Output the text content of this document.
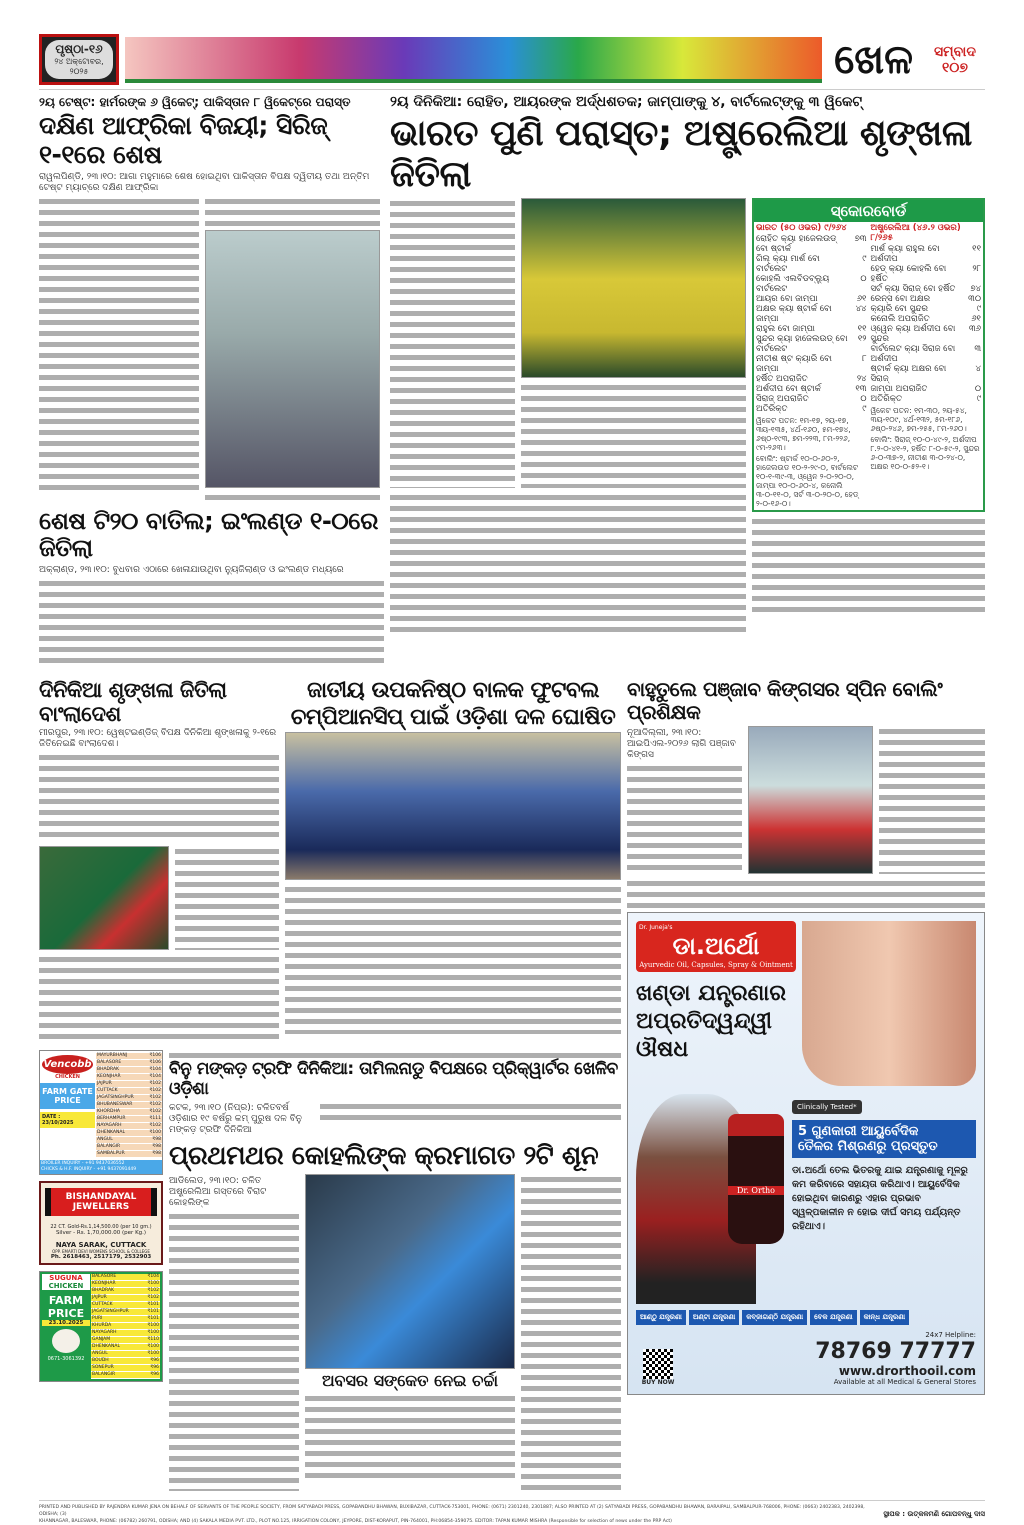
ପୃଷ୍ଠା-୧୬
୨୪ ଅକ୍ଟୋବର, ୨୦୨୫	ଖେଳ	ସମ୍ବାଦ ୧୦୭
୨ୟ ଟେଷ୍ଟ: ହାର୍ମରଙ୍କ ୬ ୱିକେଟ୍; ପାକିସ୍ତାନ ୮ ୱିକେଟ୍‌ରେ ପରାସ୍ତ
ଦକ୍ଷିଣ ଆଫ୍ରିକା ବିଜୟୀ; ସିରିଜ୍ ୧-୧ରେ ଶେଷ
ରାୱଲପିଣ୍ଡି, ୨୩।୧୦: ଆଗା ମହୁମାରେ ଶେଷ ହୋଇଥିବା ପାକିସ୍ତାନ ବିପକ୍ଷ ଦ୍ୱିତୀୟ ତଥା ଅନ୍ତିମ ଟେଷ୍ଟ ମ୍ୟାଚ୍‌ରେ ଦକ୍ଷିଣ ଆଫ୍ରିକା
ଶେଷ ଟି୨୦ ବାତିଲ; ଇଂଲଣ୍ଡ ୧-୦ରେ ଜିତିଲା
ଅକ୍‌ଲାଣ୍ଡ, ୨୩।୧୦: ବୁଧବାର ଏଠାରେ ଖେଳାଯାଉଥିବା ନ୍ୟୁଜିଲାଣ୍ଡ ଓ ଇଂଲଣ୍ଡ ମଧ୍ୟରେ
୨ୟ ଦିନିକିଆ: ରୋହିତ, ଆୟରଙ୍କ ଅର୍ଦ୍ଧଶତକ; ଜାମ୍ପାଙ୍କୁ ୪, ବାର୍ଟଲେଟ୍‌ଙ୍କୁ ୩ ୱିକେଟ୍
ଭାରତ ପୁଣି ପରାସ୍ତ; ଅଷ୍ଟ୍ରେଲିଆ ଶୃଙ୍ଖଳା ଜିତିଲା
ସ୍କୋରବୋର୍ଡ
ଭାରତ (୫୦ ଓଭର) ୯/୨୬୪
ରୋହିତ କ୍ୟା ହାଜେଲଉଡ୍ ବୋ ଷ୍ଟାର୍କ	୭୩
ଗିଲ୍ କ୍ୟା ମାର୍ଶ ବୋ ବାର୍ଟଲେଟ	୯
କୋହଲି ଏଲବିଡବ୍ଲ୍ୟୁ ବାର୍ଟଲେଟ	୦
ଆୟର ବୋ ଜାମ୍ପା	୬୧
ଅକ୍ଷର କ୍ୟା ଷ୍ଟାର୍କ ବୋ ଜାମ୍ପା	୪୪
ରାହୁଲ ବୋ ଜାମ୍ପା	୧୧
ସୁନ୍ଦର କ୍ୟା ହାଜେଲଉଡ୍ ବୋ ବାର୍ଟଲେଟ	୧୨
ନୀତୀଶ ଷ୍ଟ କ୍ୟାରି ବୋ ଜାମ୍ପା	୮
ହର୍ଷିତ ଅପରାଜିତ	୨୪
ଅର୍ଶଦୀପ ବୋ ଷ୍ଟାର୍କ	୧୩
ସିରାଜ୍ ଅପରାଜିତ	୦
ଅତିରିକ୍ତ	୯
ୱିକେଟ ପତନ: ୧ମ-୧୭, ୨ୟ-୧୭, ୩ୟ-୧୩୫, ୪ର୍ଥ-୧୬୦, ୫ମ-୧୭୪, ୬ଷ୍ଠ-୧୯୩, ୭ମ-୨୨୩, ୮ମ-୨୨୬, ୯ମ-୨୬୩।
ବୋଲିଂ: ଷ୍ଟାର୍କ ୧୦-୦-୬୦-୨, ହାଜେଲଉଡ ୧୦-୨-୨୯-୦, ବାର୍ଟଲେଟ ୧୦-୧-୩୯-୩, ଓ୍ୱେନ ୨-୦-୨୦-୦, ଜାମ୍ପା ୧୦-୦-୬୦-୪, କନୋଲି ୩-୦-୧୧-୦, ସର୍ଟ ୩-୦-୨୦-୦, ହେଡ୍ ୨-୦-୧୬-୦।
ଅଷ୍ଟ୍ରେଲିଆ (୪୬.୨ ଓଭର) ୮/୨୬୫
ମାର୍ଶ କ୍ୟା ରାହୁଲ ବୋ ଅର୍ଶଦୀପ	୧୧
ହେଡ୍ କ୍ୟା କୋହଲି ବୋ ହର୍ଷିତ	୨୮
ସର୍ଟ କ୍ୟା ସିରାଜ୍ ବୋ ହର୍ଷିତ	୭୪
ରେନ୍‌ସ ବୋ ଅକ୍ଷର	୩୦
କ୍ୟାରି ବୋ ସୁନ୍ଦର	୯
କନୋଲି ଅପରାଜିତ	୬୧
ଓ୍ୱେନ କ୍ୟା ଅର୍ଶଦୀପ ବୋ ସୁନ୍ଦର	୩୬
ବାର୍ଟଲେଟ କ୍ୟା ସିରାଜ ବୋ ଅର୍ଶଦୀପ	୩
ଷ୍ଟାର୍କ କ୍ୟା ଅକ୍ଷର ବୋ ସିରାଜ୍	୪
ଜାମ୍ପା ଅପରାଜିତ	୦
ଅତିରିକ୍ତ	୯
ୱିକେଟ ପତନ: ୧ମ-୩୦, ୨ୟ-୫୪, ୩ୟ-୧୦୯, ୪ର୍ଥ-୧୩୨, ୫ମ-୧୮୬, ୬ଷ୍ଠ-୨୪୬, ୭ମ-୨୫୫, ୮ମ-୨୬୦।
ବୋଲିଂ: ସିରାଜ୍ ୧୦-୦-୪୯-୨, ଅର୍ଶଦୀପ ୮.୨-୦-୪୧-୨, ହର୍ଷିତ ୮-୦-୫୯-୨, ସୁନ୍ଦର ୬-୦-୩୭-୨, ନୀତୀଶ ୩-୦-୨୪-୦, ଅକ୍ଷର ୧୦-୦-୫୨-୧।
ଦିନିକିଆ ଶୃଙ୍ଖଳା ଜିତିଲା ବାଂଲାଦେଶ
ମୀରପୁର, ୨୩।୧୦: ୱେଷ୍ଟଇଣ୍ଡିଜ୍ ବିପକ୍ଷ ଦିନିକିଆ ଶୃଙ୍ଖଳାକୁ ୨-୧ରେ ଜିତିନେଇଛି ବାଂଲାଦେଶ।
ଜାତୀୟ ଉପକନିଷ୍ଠ ବାଳକ ଫୁଟବଲ
ଚମ୍ପିଆନସିପ୍ ପାଇଁ ଓଡ଼ିଶା ଦଳ ଘୋଷିତ
Vencobb
CHICKEN
FARM GATE PRICE
DATE : 23/10/2025
MAYURBHANJ	₹106
BALASORE	₹106
BHADRAK	₹104
KEONJHAR	₹104
JAJPUR	₹102
CUTTACK	₹102
JAGATSINGHPUR	₹102
BHUBANESWAR	₹102
KHORDHA	₹102
BERHAMPUR	₹111
NAYAGARH	₹102
DHENKANAL	₹100
ANGUL	₹98
BALANGIR	₹98
SAMBALPUR	₹98
BROILER INQUIRY - +91 9437036552
CHICKS & H.F. INQUIRY - +91 9437091449
BISHANDAYAL
JEWELLERS
22 CT. Gold-Rs.1,14,500.00 (per 10 gm.)
Silver - Rs. 1,70,000.00 (per Kg.)
NAYA SARAK, CUTTACK
OPP. EMARTI DEVI WOMENS SCHOOL & COLLEGE
Ph. 2618463, 2517179, 2532903
SUGUNA
CHICKEN
FARM
PRICE
23.10.2025
0671-3061392
BALASORE	₹104
KEONJHAR	₹100
BHADRAK	₹102
JAJPUR	₹102
CUTTACK	₹101
JAGATSINGHPUR	₹101
PURI	₹101
KHURDA	₹100
NAYAGARH	₹100
GANJAM	₹110
DHENKANAL	₹100
ANGUL	₹100
BOUDH	₹96
SONEPUR	₹96
BALANGIR	₹96
ବିନୁ ମଙ୍କଡ଼ ଟ୍ରଫି ଦିନିକିଆ: ତାମିଲନାଡୁ ବିପକ୍ଷରେ ପ୍ରିକ୍ୱାର୍ଟର ଖେଳିବ ଓଡ଼ିଶା
କଟକ, ୨୩।୧୦ (ନିପ୍ର): ଚଳିତବର୍ଷ ଓଡ଼ିଶାର ୧୯ ବର୍ଷରୁ କମ୍ ପୁରୁଷ ଦଳ ବିନୁ ମଙ୍କଡ଼ ଟ୍ରଫି ଦିନିକିଆ
ପ୍ରଥମଥର କୋହଲିଙ୍କ କ୍ରମାଗତ ୨ଟି ଶୂନ
ଆଡିଲେଡ, ୨୩।୧୦: ଚଳିତ ଅଷ୍ଟ୍ରେଲିଆ ଗସ୍ତରେ ବିରାଟ କୋହଲିଙ୍କ
ଅବସର ସଙ୍କେତ ନେଇ ଚର୍ଚ୍ଚା
ବାହୁତୁଲେ ପଞ୍ଜାବ କିଙ୍ଗସର ସ୍ପିନ ବୋଲିଂ ପ୍ରଶିକ୍ଷକ
ନୂଆଦିଲ୍ଲୀ, ୨୩।୧୦: ଆଇପିଏଲ-୨୦୨୬ ଲାଗି ପଞ୍ଜାବ କିଙ୍ଗସ
Dr. Juneja's
ଡା.ଅର୍ଥୋ
Ayurvedic Oil, Capsules, Spray & Ointment
ଖଣ୍ଡା ଯନ୍ତ୍ରଣାର
ଅପ୍ରତିଦ୍ୱନ୍ଦ୍ୱୀ ଔଷଧ
Dr. Ortho
Clinically Tested*
5 ଗୁଣକାରୀ ଆୟୁର୍ବେଦିକ
ତୈଳର ମିଶ୍ରଣରୁ ପ୍ରସ୍ତୁତ
ଡା.ଅର୍ଥୋ ତେଲ ଭିତରକୁ ଯାଇ ଯନ୍ତ୍ରଣାକୁ ମୂଳରୁ କମ କରିବାରେ ସହାୟତା କରିଥାଏ। ଆୟୁର୍ବେଦିକ ହୋଇଥିବା କାରଣରୁ ଏହାର ପ୍ରଭାବ ସ୍ୱଳ୍ପକାଳୀନ ନ ହୋଇ ଦୀର୍ଘ ସମୟ ପର୍ଯ୍ୟନ୍ତ ରହିଥାଏ।
ଆଣ୍ଠୁ ଯନ୍ତ୍ରଣା	ଅଣ୍ଟା ଯନ୍ତ୍ରଣା	କବ୍‌ଜାଗଣ୍ଠି ଯନ୍ତ୍ରଣା	ବେକ ଯନ୍ତ୍ରଣା	କାନ୍ଧ ଯନ୍ତ୍ରଣା
BUY NOW
24x7 Helpline:
78769 77777
www.drorthooil.com
Available at all Medical & General Stores
PRINTED AND PUBLISHED BY RAJENDRA KUMAR JENA ON BEHALF OF SERVANTS OF THE PEOPLE SOCIETY, FROM SATYABADI PRESS, GOPABANDHU BHAWAN, BUXIBAZAR, CUTTACK-753001, PHONE: (0671) 2301240, 2301887; ALSO PRINTED AT (2) SATYABADI PRESS, GOPABANDHU BHAWAN, BARAIPALI, SAMBALPUR-768006, PHONE: (0663) 2402383, 2402398, ODISHA; (3)
KHANNAGAR, BALESWAR, PHONE: (06782) 260791, ODISHA; AND (4) SAKALA MEDIA PVT. LTD., PLOT NO.125, IRRIGATION COLONY, JEYPORE, DIST-KORAPUT, PIN-764001, PH:06854-359075. EDITOR: TAPAN KUMAR MISHRA (Responsible for selection of news under the PRP Act)
ସ୍ଥାପକ : ଉତ୍କଳମଣି ଗୋପବନ୍ଧୁ ଦାସ
